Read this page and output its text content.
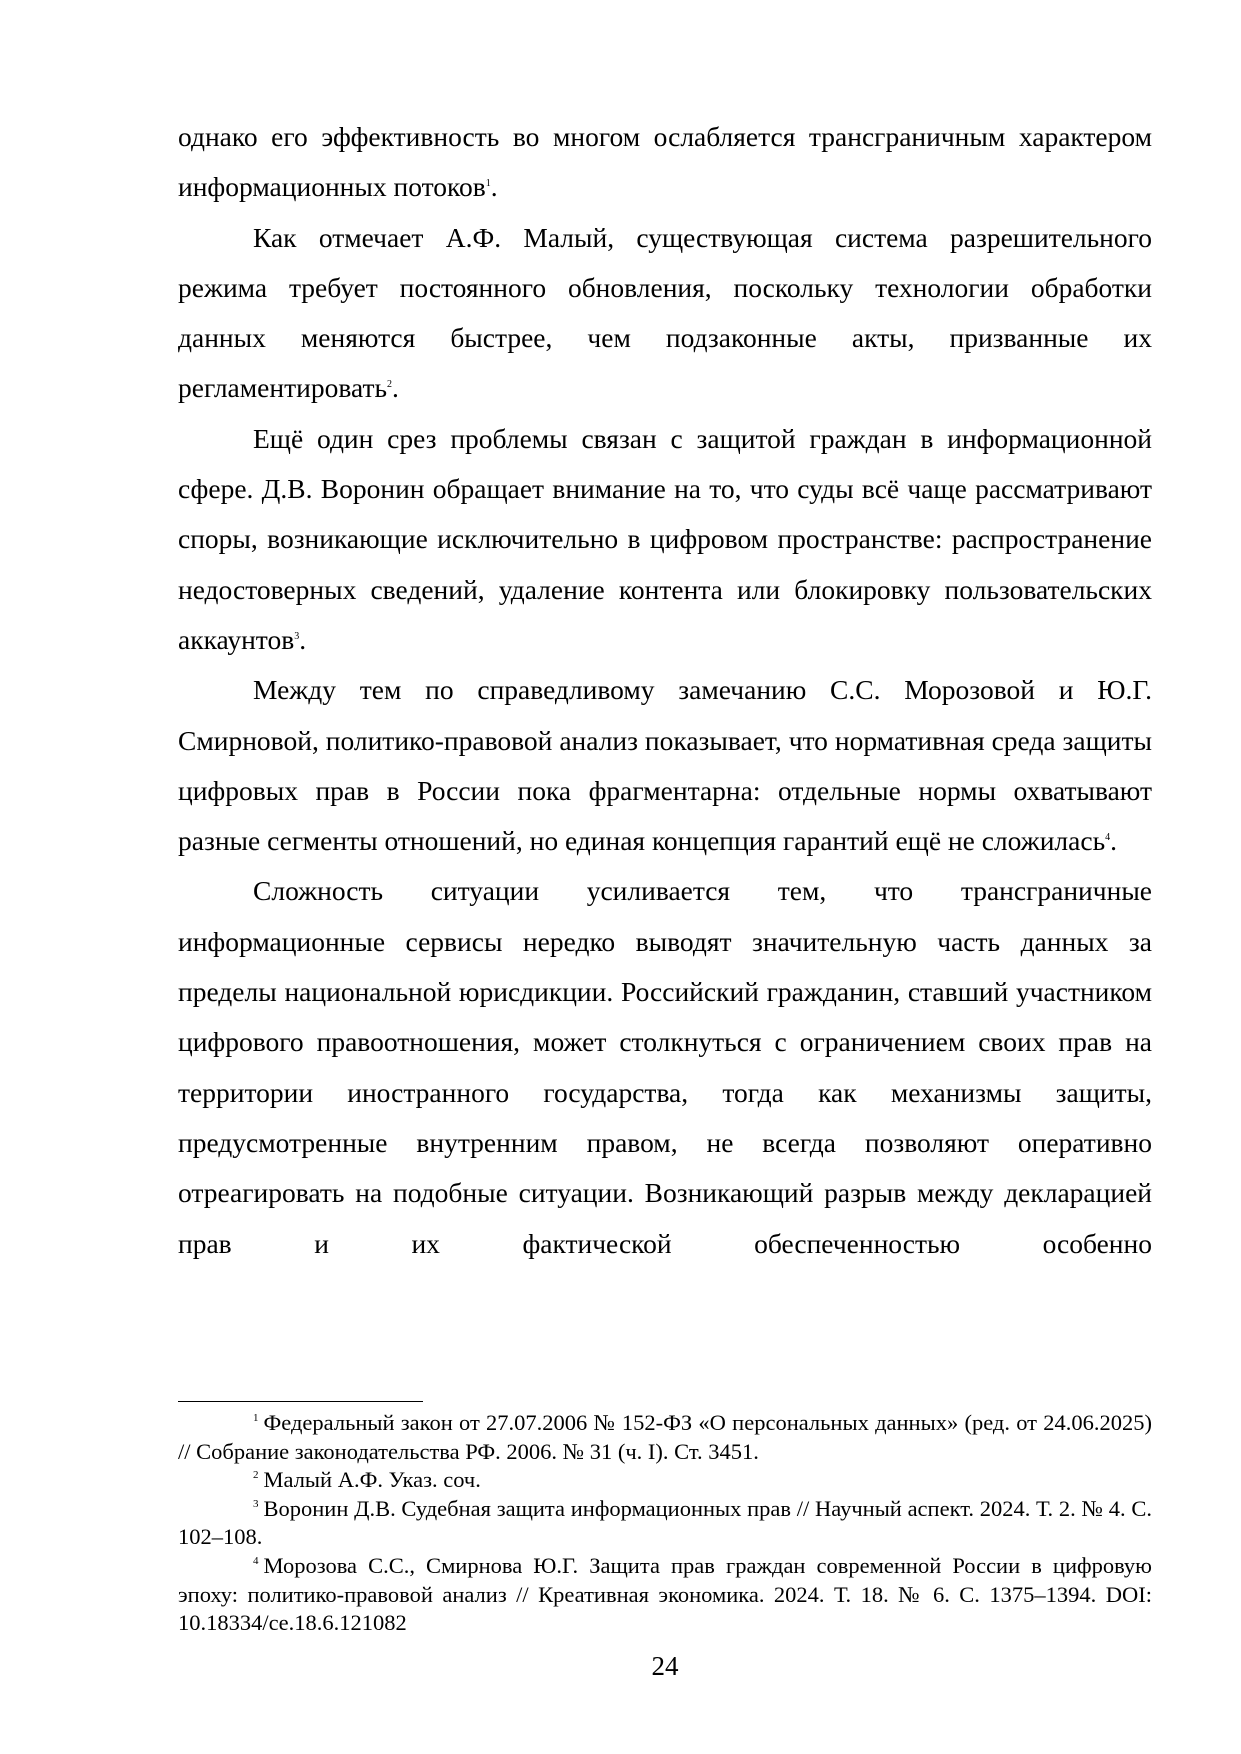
однако его эффективность во многом ослабляется трансграничным характером информационных потоков$^1$.

Как отмечает А.Ф. Малый, существующая система разрешительного режима требует постоянного обновления, поскольку технологии обработки данных меняются быстрее, чем подзаконные акты, призванные их регламентировать$^2$.

Ещё один срез проблемы связан с защитой граждан в информационной сфере. Д.В. Воронин обращает внимание на то, что суды всё чаще рассматривают споры, возникающие исключительно в цифровом пространстве: распространение недостоверных сведений, удаление контента или блокировку пользовательских аккаунтов$^3$.

Между тем по справедливому замечанию С.С. Морозовой и Ю.Г. Смирновой, политико-правовой анализ показывает, что нормативная среда защиты цифровых прав в России пока фрагментарна: отдельные нормы охватывают разные сегменты отношений, но единая концепция гарантий ещё не сложилась$^4$.

Сложность ситуации усиливается тем, что трансграничные информационные сервисы нередко выводят значительную часть данных за пределы национальной юрисдикции. Российский гражданин, ставший участником цифрового правоотношения, может столкнуться с ограничением своих прав на территории иностранного государства, тогда как механизмы защиты, предусмотренные внутренним правом, не всегда позволяют оперативно отреагировать на подобные ситуации. Возникающий разрыв между декларацией прав и их фактической обеспеченностью особенно

$^1$ Федеральный закон от 27.07.2006 № 152-ФЗ «О персональных данных» (ред. от 24.06.2025) // Собрание законодательства РФ. 2006. № 31 (ч. I). Ст. 3451.

$^2$ Малый А.Ф. Указ. соч.

$^3$ Воронин Д.В. Судебная защита информационных прав // Научный аспект. 2024. Т. 2. № 4. С. 102–108.

$^4$ Морозова С.С., Смирнова Ю.Г. Защита прав граждан современной России в цифровую эпоху: политико-правовой анализ // Креативная экономика. 2024. Т. 18. № 6. С. 1375–1394. DOI: 10.18334/ce.18.6.121082

24
